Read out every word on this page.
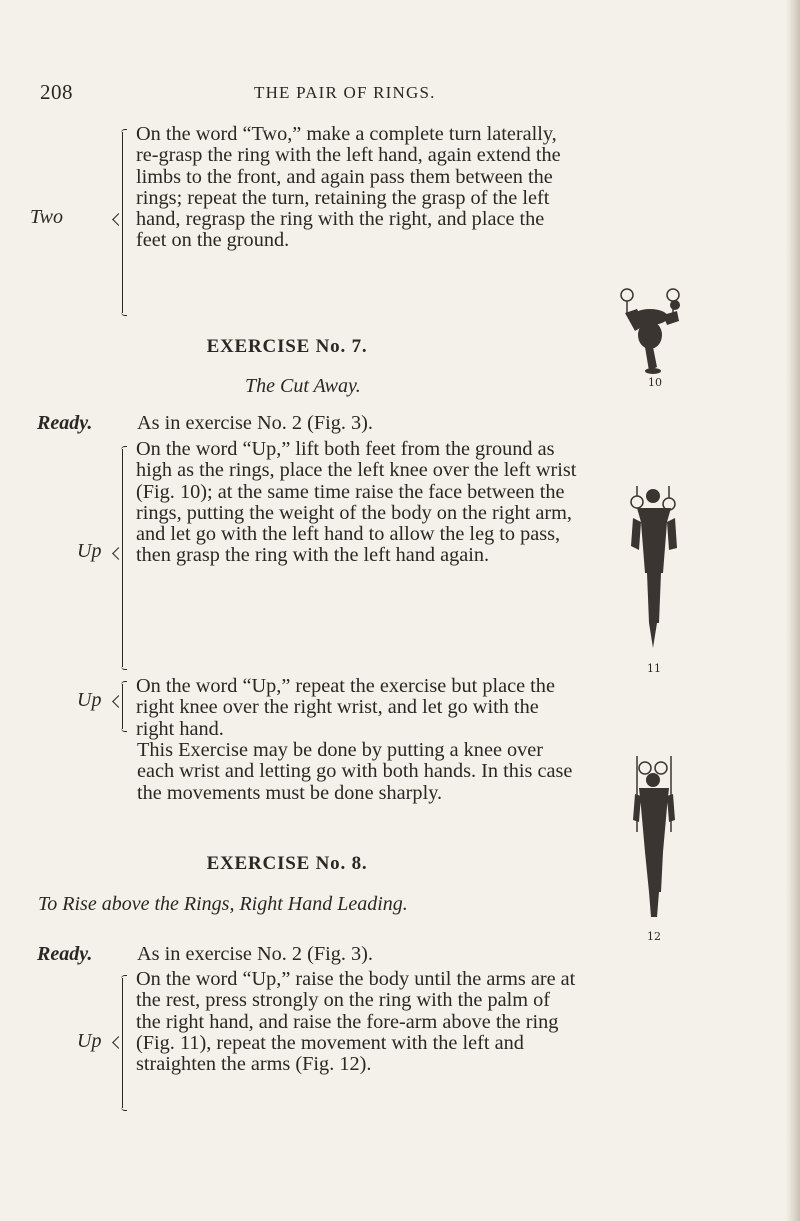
208	THE PAIR OF RINGS.
Two

On the word “Two,” make a complete turn laterally, re-grasp the ring with the left hand, again extend the limbs to the front, and again pass them between the rings; repeat the turn, retaining the grasp of the left hand, regrasp the ring with the right, and place the feet on the ground.

EXERCISE No. 7.
The Cut Away.
Ready. As in exercise No. 2 (Fig. 3).
Up

On the word “Up,” lift both feet from the ground as high as the rings, place the left knee over the left wrist (Fig. 10); at the same time raise the face between the rings, putting the weight of the body on the right arm, and let go with the left hand to allow the leg to pass, then grasp the ring with the left hand again.

Up

On the word “Up,” repeat the exercise but place the right knee over the right wrist, and let go with the right hand.

This Exercise may be done by putting a knee over each wrist and letting go with both hands. In this case the movements must be done sharply.

EXERCISE No. 8.
To Rise above the Rings, Right Hand Leading.
Ready. As in exercise No. 2 (Fig. 3).
Up

On the word “Up,” raise the body until the arms are at the rest, press strongly on the ring with the palm of the right hand, and raise the fore-arm above the ring (Fig. 11), repeat the movement with the left and straighten the arms (Fig. 12).

10
11
12
